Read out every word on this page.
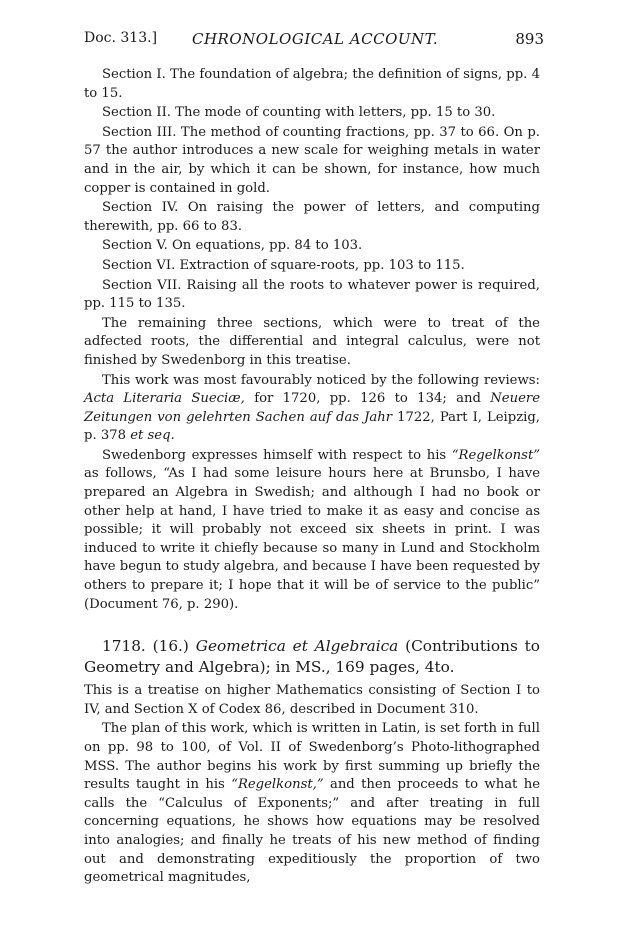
Doc. 313.] CHRONOLOGICAL ACCOUNT.	893

Section I. The foundation of algebra; the definition of signs, pp. 4 to 15.

Section II. The mode of counting with letters, pp. 15 to 30.

Section III. The method of counting fractions, pp. 37 to 66. On p. 57 the author introduces a new scale for weighing metals in water and in the air, by which it can be shown, for instance, how much copper is contained in gold.

Section IV. On raising the power of letters, and computing therewith, pp. 66 to 83.

Section V. On equations, pp. 84 to 103.

Section VI. Extraction of square-roots, pp. 103 to 115.

Section VII. Raising all the roots to whatever power is required, pp. 115 to 135.

The remaining three sections, which were to treat of the adfected roots, the differential and integral calculus, were not finished by Swedenborg in this treatise.

This work was most favourably noticed by the following reviews: Acta Literaria Sueciæ, for 1720, pp. 126 to 134; and Neuere Zeitungen von gelehrten Sachen auf das Jahr 1722, Part I, Leipzig, p. 378 et seq.

Swedenborg expresses himself with respect to his “Regelkonst” as follows, “As I had some leisure hours here at Brunsbo, I have prepared an Algebra in Swedish; and although I had no book or other help at hand, I have tried to make it as easy and concise as possible; it will probably not exceed six sheets in print. I was induced to write it chiefly because so many in Lund and Stockholm have begun to study algebra, and because I have been requested by others to prepare it; I hope that it will be of service to the public” (Document 76, p. 290).

1718. (16.) Geometrica et Algebraica (Contributions to Geometry and Algebra); in MS., 169 pages, 4to.

This is a treatise on higher Mathematics consisting of Section I to IV, and Section X of Codex 86, described in Document 310.

The plan of this work, which is written in Latin, is set forth in full on pp. 98 to 100, of Vol. II of Swedenborg’s Photo-lithographed MSS. The author begins his work by first summing up briefly the results taught in his “Regelkonst,” and then proceeds to what he calls the “Calculus of Exponents;” and after treating in full concerning equations, he shows how equations may be resolved into analogies; and finally he treats of his new method of finding out and demonstrating expeditiously the proportion of two geometrical magnitudes,
